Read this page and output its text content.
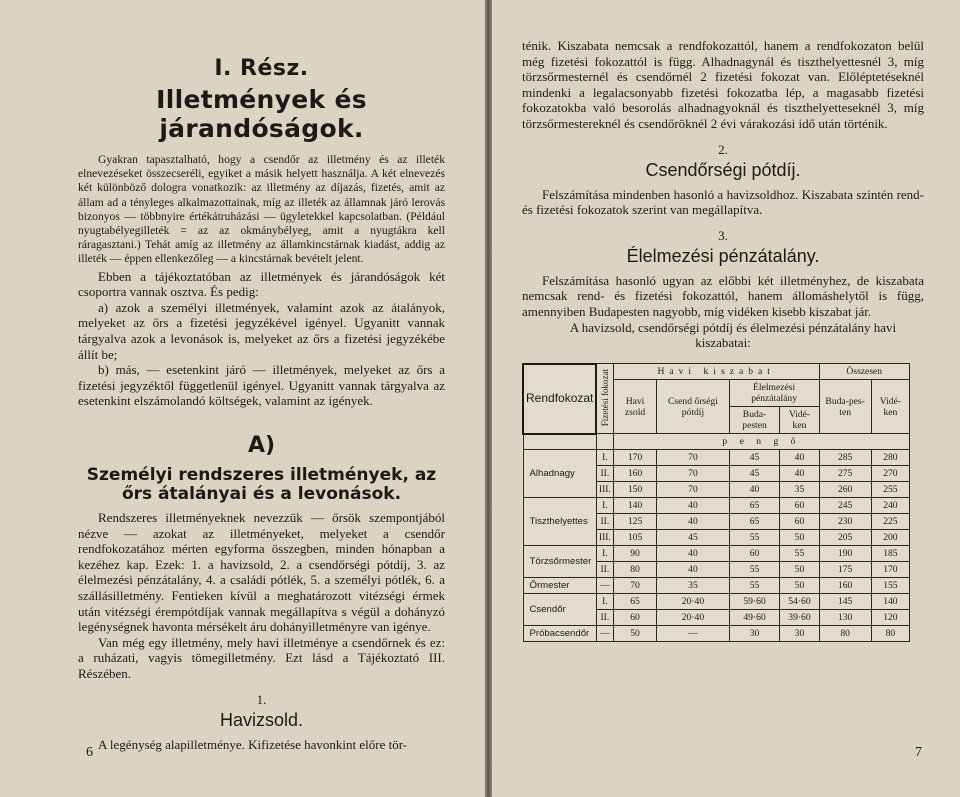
I. Rész.
Illetmények és járandóságok.

Gyakran tapasztalható, hogy a csendőr az illetmény és az illeték elnevezéseket összecseréli, egyiket a másik helyett használja. A két elnevezés két különböző dologra vonatkozik: az illetmény az díjazás, fizetés, amit az állam ad a tényleges alkalmazottainak, míg az illeték az államnak járó lerovás bizonyos — többnyire értékátruházási — ügyletekkel kapcsolatban. (Például nyugtabélyegilleték = az az okmánybélyeg, amit a nyugtákra kell ráragasztani.) Tehát amíg az illetmény az államkincstárnak kiadást, addig az illeték — éppen ellenkezőleg — a kincstárnak bevételt jelent.

Ebben a tájékoztatóban az illetmények és járandóságok két csoportra vannak osztva. És pedig:

a) azok a személyi illetmények, valamint azok az átalányok, melyeket az őrs a fizetési jegyzékével igényel. Ugyanitt vannak tárgyalva azok a levonások is, melyeket az őrs a fizetési jegyzékébe állít be;

b) más, — esetenkint járó — illetmények, melyeket az őrs a fizetési jegyzéktől függetlenül igényel. Ugyanitt vannak tárgyalva az esetenkint elszámolandó költségek, valamint az igények.

A)
Személyi rendszeres illetmények, az őrs átalányai és a levonások.

Rendszeres illetményeknek nevezzük — őrsök szempontjából nézve — azokat az illetményeket, melyeket a csendőr rendfokozatához mérten egyforma összegben, minden hónapban a kezéhez kap. Ezek: 1. a havizsold, 2. a csendőrségi pótdíj, 3. az élelmezési pénzátalány, 4. a családi pótlék, 5. a személyi pótlék, 6. a szállásilletmény. Fentieken kívül a meghatározott vitézségi érmek után vitézségi érempótdíjak vannak megállapítva s végül a dohányzó legénységnek havonta mérsékelt áru dohányilletményre van igénye.

Van még egy illetmény, mely havi illetménye a csendőrnek és ez: a ruházati, vagyis tömegilletmény. Ezt lásd a Tájékoztató III. Részében.

1.
Havizsold.

A legénység alapilletménye. Kifizetése havonkint előre tör-

6

ténik. Kiszabata nemcsak a rendfokozattól, hanem a rendfokozaton belül még fizetési fokozattól is függ. Alhadnagynál és tiszthelyettesnél 3, míg törzsőrmesternél és csendőrnél 2 fizetési fokozat van. Előléptetéseknél mindenki a legalacsonyabb fizetési fokozatba lép, a magasabb fizetési fokozatokba való besorolás alhadnagyoknál és tiszthelyetteseknél 3, míg törzsőrmestereknél és csendőröknél 2 évi várakozási idő után történik.

2.
Csendőrségi pótdíj.

Felszámítása mindenben hasonló a havizsoldhoz. Kiszabata szintén rend- és fizetési fokozatok szerint van megállapítva.

3.
Élelmezési pénzátalány.

Felszámítása hasonló ugyan az előbbi két illetményhez, de kiszabata nemcsak rend- és fizetési fokozattól, hanem állomáshelytől is függ, amennyiben Budapesten nagyobb, míg vidéken kisebb kiszabat jár.

A havizsold, csendőrségi pótdíj és élelmezési pénzátalány havi kiszabatai:

Rendfokozat	Fizetési fokozat	Havi kiszabat				Összesen	
		Havi zsold	Csend őrségi pótdíj	Élelmezési pénzátalány		Buda-pes-ten	Vidé-ken
				Buda-pesten	Vidé-ken		
		p e n g ő					
Alhadnagy	I.	170	70	45	40	285	280
	II.	160	70	45	40	275	270
	III.	150	70	40	35	260	255
Tiszthelyettes	I.	140	40	65	60	245	240
	II.	125	40	65	60	230	225
	III.	105	45	55	50	205	200
Törzsőrmester	I.	90	40	60	55	190	185
	II.	80	40	55	50	175	170
Őrmester	—	70	35	55	50	160	155
Csendőr	I.	65	20·40	59·60	54·60	145	140
	II.	60	20·40	49·60	39·60	130	120
Próbacsendőr	—	50	—	30	30	80	80
7
